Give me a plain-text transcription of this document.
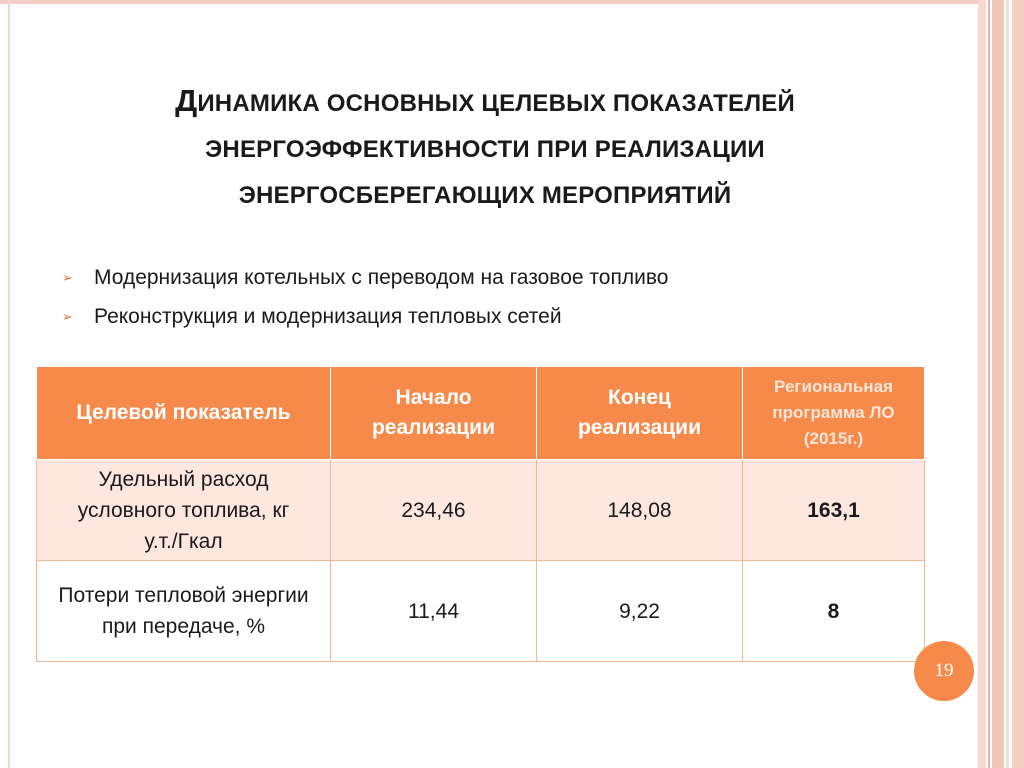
ДИНАМИКА ОСНОВНЫХ ЦЕЛЕВЫХ ПОКАЗАТЕЛЕЙ
ЭНЕРГОЭФФЕКТИВНОСТИ ПРИ РЕАЛИЗАЦИИ
ЭНЕРГОСБЕРЕГАЮЩИХ МЕРОПРИЯТИЙ
➢	Модернизация котельных с переводом на газовое топливо
➢	Реконструкция и модернизация тепловых сетей
Целевой показатель	Начало реализации	Конец реализации	Региональная программа ЛО (2015г.)

Удельный расход условного топлива, кг у.т./Гкал	234,46	148,08	163,1

Потери тепловой энергии при передаче, %	11,44	9,22	8
19
